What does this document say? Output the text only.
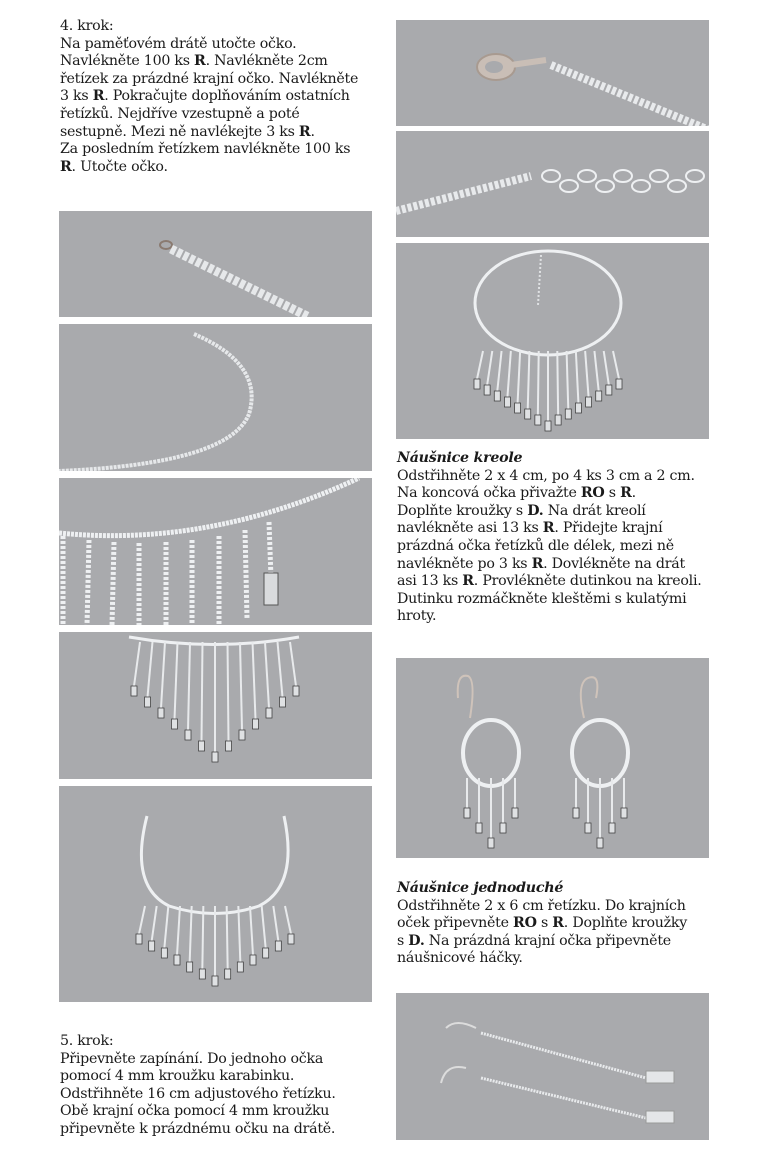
4. krok:

Na paměťovém drátě utočte očko.

Navlékněte 100 ks R. Navlékněte 2cm

řetízek za prázdné krajní očko. Navlékněte

3 ks R. Pokračujte doplňováním ostatních

řetízků. Nejdříve vzestupně a poté

sestupně. Mezi ně navlékejte 3 ks R.

Za posledním řetízkem navlékněte 100 ks

R. Utočte očko.

5. krok:

Připevněte zapínání. Do jednoho očka

pomocí 4 mm kroužku karabinku.

Odstřihněte 16 cm adjustového řetízku.

Obě krajní očka pomocí 4 mm kroužku

připevněte k prázdnému očku na drátě.

Náušnice kreole

Odstřihněte 2 x 4 cm, po 4 ks 3 cm a 2 cm.

Na koncová očka přivažte RO s R.

Doplňte kroužky s D. Na drát kreolí

navlékněte asi 13 ks R. Přidejte krajní

prázdná očka řetízků dle délek, mezi ně

navlékněte po 3 ks R. Dovlékněte na drát

asi 13 ks R. Provlékněte dutinkou na kreoli.

Dutinku rozmáčkněte kleštěmi s kulatými

hroty.

Náušnice jednoduché

Odstřihněte 2 x 6 cm řetízku. Do krajních

oček připevněte RO s R. Doplňte kroužky

s D. Na prázdná krajní očka připevněte

náušnicové háčky.
